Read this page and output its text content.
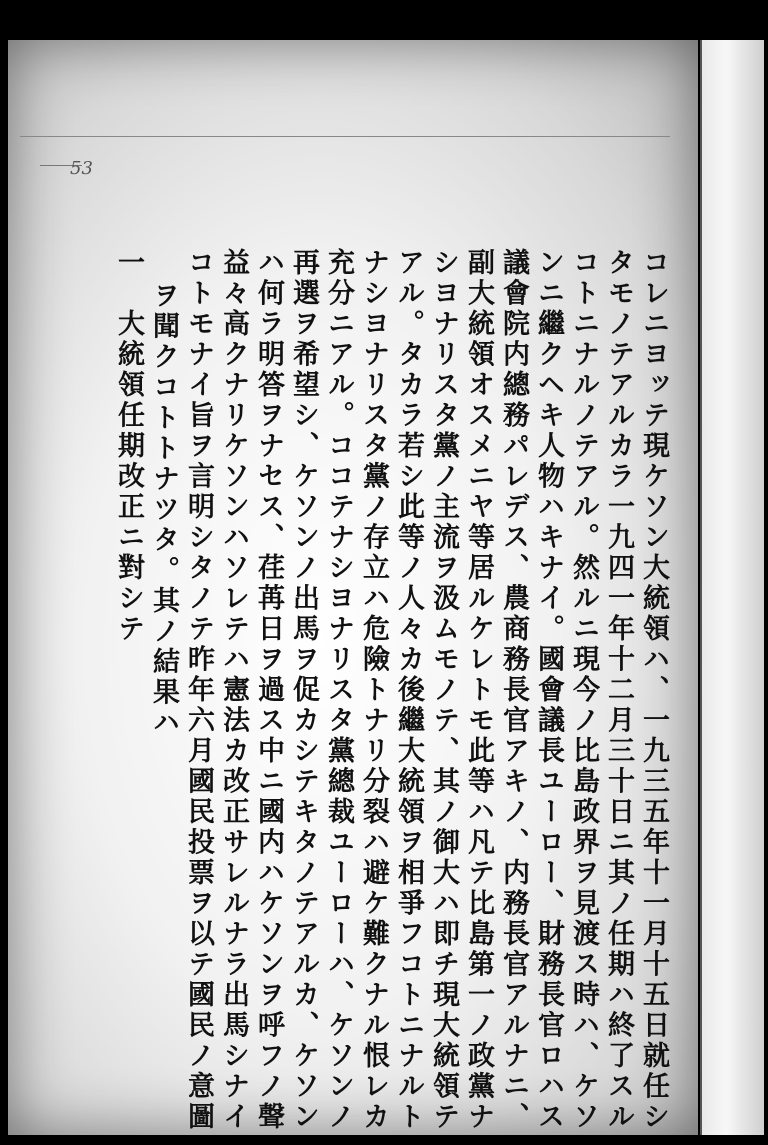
53
コレニヨッテ現ケソン大統領ハ、一九三五年十一月十五日就任シ
タモノテアルカラ一九四一年十二月三十日ニ其ノ任期ハ終了スル
コトニナルノテアル。然ルニ現今ノ比島政界ヲ見渡ス時ハ、ケソ
ンニ繼クヘキ人物ハキナイ。國會議長ユーロー、財務長官ロハス
議會院内總務パレデス、農商務長官アキノ、内務長官アルナニ、
副大統領オスメニヤ等居ルケレトモ此等ハ凡テ比島第一ノ政黨ナ
シヨナリスタ黨ノ主流ヲ汲ムモノテ、其ノ御大ハ即チ現大統領テ
アル。タカラ若シ此等ノ人々カ後繼大統領ヲ相爭フコトニナルト
ナシヨナリスタ黨ノ存立ハ危險トナリ分裂ハ避ケ難クナル恨レカ
充分ニアル。ココテナシヨナリスタ黨總裁ユーローハ、ケソンノ
再選ヲ希望シ、ケソンノ出馬ヲ促カシテキタノテアルカ、ケソン
ハ何ラ明答ヲナセス、荏苒日ヲ過ス中ニ國内ハケソンヲ呼フノ聲
益々高クナリケソンハソレテハ憲法カ改正サレルナラ出馬シナイ
コトモナイ旨ヲ言明シタノテ昨年六月國民投票ヲ以テ國民ノ意圖
ヲ聞クコトトナツタ。其ノ結果ハ
一　大統領任期改正ニ對シテ
